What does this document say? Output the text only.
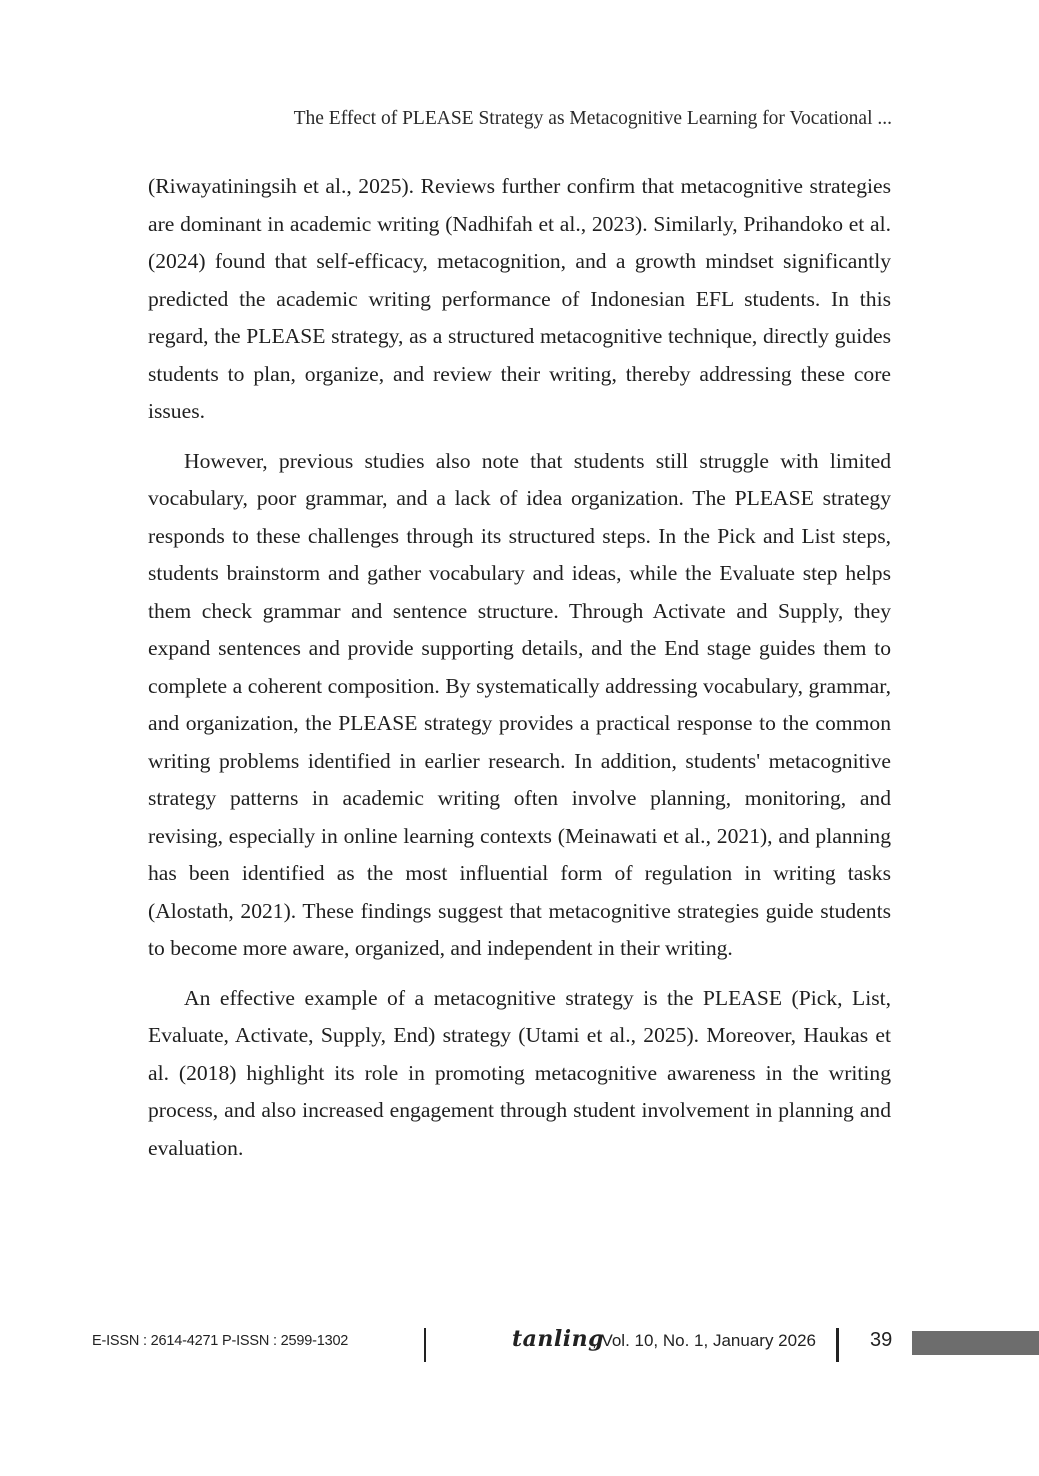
The Effect of PLEASE Strategy as Metacognitive Learning for Vocational ...

(Riwayatiningsih et al., 2025). Reviews further confirm that metacognitive strategies are dominant in academic writing (Nadhifah et al., 2023). Similarly, Prihandoko et al. (2024) found that self-efficacy, metacognition, and a growth mindset significantly predicted the academic writing performance of Indonesian EFL students. In this regard, the PLEASE strategy, as a structured metacognitive technique, directly guides students to plan, organize, and review their writing, thereby addressing these core issues.

However, previous studies also note that students still struggle with limited vocabulary, poor grammar, and a lack of idea organization. The PLEASE strategy responds to these challenges through its structured steps. In the Pick and List steps, students brainstorm and gather vocabulary and ideas, while the Evaluate step helps them check grammar and sentence structure. Through Activate and Supply, they expand sentences and provide supporting details, and the End stage guides them to complete a coherent composition. By systematically addressing vocabulary, grammar, and organization, the PLEASE strategy provides a practical response to the common writing problems identified in earlier research. In addition, students' metacognitive strategy patterns in academic writing often involve planning, monitoring, and revising, especially in online learning contexts (Meinawati et al., 2021), and planning has been identified as the most influential form of regulation in writing tasks (Alostath, 2021). These findings suggest that metacognitive strategies guide students to become more aware, organized, and independent in their writing.

An effective example of a metacognitive strategy is the PLEASE (Pick, List, Evaluate, Activate, Supply, End) strategy (Utami et al., 2025). Moreover, Haukas et al. (2018) highlight its role in promoting metacognitive awareness in the writing process, and also increased engagement through student involvement in planning and evaluation.

E-ISSN : 2614-4271 P-ISSN : 2599-1302	tanling
, Vol. 10, No. 1, January 2026	39
